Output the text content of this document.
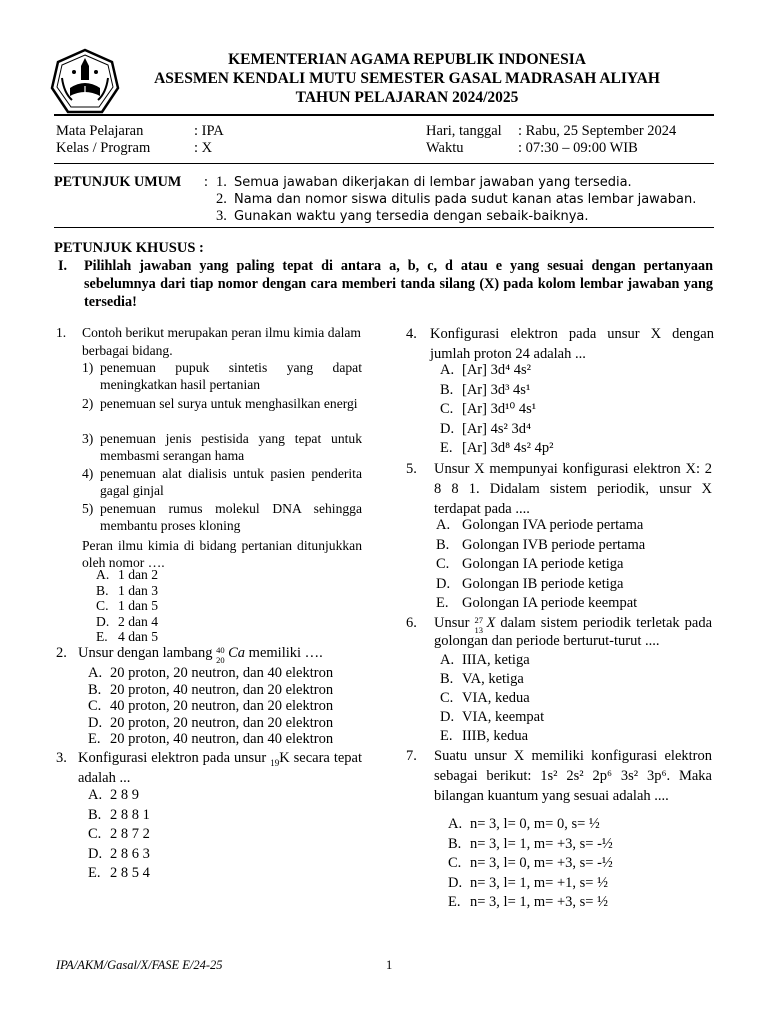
KEMENTERIAN AGAMA REPUBLIK INDONESIA
ASESMEN KENDALI MUTU SEMESTER GASAL MADRASAH ALIYAH
TAHUN PELAJARAN 2024/2025
Mata Pelajaran	: IPA
Kelas / Program	: X
Hari, tanggal : Rabu, 25 September 2024
Waktu	: 07:30 – 09:00 WIB
PETUNJUK UMUM : 1. Semua jawaban dikerjakan di lembar jawaban yang tersedia.
2. Nama dan nomor siswa ditulis pada sudut kanan atas lembar jawaban.
3. Gunakan waktu yang tersedia dengan sebaik-baiknya.
PETUNJUK KHUSUS :
I. Pilihlah jawaban yang paling tepat di antara a, b, c, d atau e yang sesuai dengan pertanyaan sebelumnya dari tiap nomor dengan cara memberi tanda silang (X) pada kolom lembar jawaban yang tersedia!
1. Contoh berikut merupakan peran ilmu kimia dalam berbagai bidang.
1) penemuan pupuk sintetis yang dapat meningkatkan hasil pertanian
2) penemuan sel surya untuk menghasilkan energi
3) penemuan jenis pestisida yang tepat untuk membasmi serangan hama
4) penemuan alat dialisis untuk pasien penderita gagal ginjal
5) penemuan rumus molekul DNA sehingga membantu proses kloning
Peran ilmu kimia di bidang pertanian ditunjukkan oleh nomor ….
A. 1 dan 2
B. 1 dan 3
C. 1 dan 5
D. 2 dan 4
E. 4 dan 5
2. Unsur dengan lambang 40
20 Ca memiliki ….
A. 20 proton, 20 neutron, dan 40 elektron
B. 20 proton, 40 neutron, dan 20 elektron
C. 40 proton, 20 neutron, dan 20 elektron
D. 20 proton, 20 neutron, dan 20 elektron
E. 20 proton, 40 neutron, dan 40 elektron
3. Konfigurasi elektron pada unsur $_{19}$K secara tepat adalah ...
A. 2 8 9
B. 2 8 8 1
C. 2 8 7 2
D. 2 8 6 3
E. 2 8 5 4
4. Konfigurasi elektron pada unsur X dengan jumlah proton 24 adalah ...
A. [Ar] 3d⁴ 4s²
B. [Ar] 3d³ 4s¹
C. [Ar] 3d¹⁰ 4s¹
D. [Ar] 4s² 3d⁴
E. [Ar] 3d⁸ 4s² 4p²
5. Unsur X mempunyai konfigurasi elektron X: 2 8 8 1. Didalam sistem periodik, unsur X terdapat pada ....
A. Golongan IVA periode pertama
B. Golongan IVB periode pertama
C. Golongan IA periode ketiga
D. Golongan IB periode ketiga
E. Golongan IA periode keempat
6. Unsur 27
13 X dalam sistem periodik terletak pada golongan dan periode berturut-turut ....
A. IIIA, ketiga
B. VA, ketiga
C. VIA, kedua
D. VIA, keempat
E. IIIB, kedua
7. Suatu unsur X memiliki konfigurasi elektron sebagai berikut: 1s² 2s² 2p⁶ 3s² 3p⁶. Maka bilangan kuantum yang sesuai adalah ....
A. n= 3, l= 0, m= 0, s= ½
B. n= 3, l= 1, m= +3, s= -½
C. n= 3, l= 0, m= +3, s= -½
D. n= 3, l= 1, m= +1, s= ½
E. n= 3, l= 1, m= +3, s= ½
IPA/AKM/Gasal/X/FASE E/24-25	1
